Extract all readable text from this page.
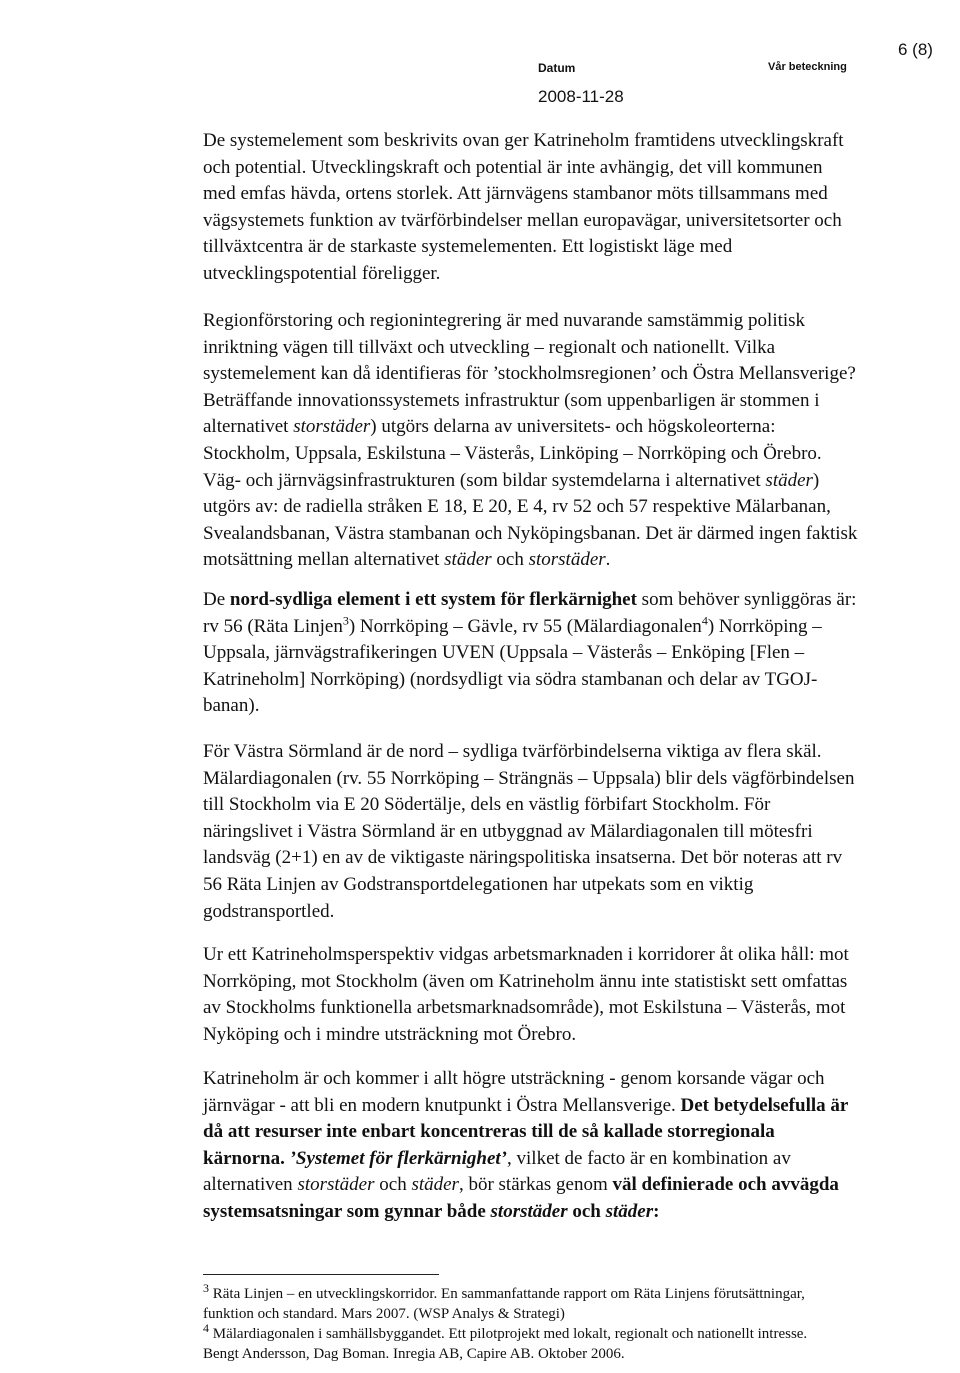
Datum
2008-11-28
Vår beteckning
6 (8)
De systemelement som beskrivits ovan ger Katrineholm framtidens utvecklingskraft
och potential. Utvecklingskraft och potential är inte avhängig, det vill kommunen
med emfas hävda, ortens storlek. Att järnvägens stambanor möts tillsammans med
vägsystemets funktion av tvärförbindelser mellan europavägar, universitetsorter och
tillväxtcentra är de starkaste systemelementen. Ett logistiskt läge med
utvecklingspotential föreligger.
Regionförstoring och regionintegrering är med nuvarande samstämmig politisk
inriktning vägen till tillväxt och utveckling – regionalt och nationellt. Vilka
systemelement kan då identifieras för ’stockholmsregionen’ och Östra Mellansverige?
Beträffande innovationssystemets infrastruktur (som uppenbarligen är stommen i
alternativet storstäder) utgörs delarna av universitets- och högskoleorterna:
Stockholm, Uppsala, Eskilstuna – Västerås, Linköping – Norrköping och Örebro.
Väg- och järnvägsinfrastrukturen (som bildar systemdelarna i alternativet städer)
utgörs av: de radiella stråken E 18, E 20, E 4, rv 52 och 57 respektive Mälarbanan,
Svealandsbanan, Västra stambanan och Nyköpingsbanan. Det är därmed ingen faktisk
motsättning mellan alternativet städer och storstäder.
De nord-sydliga element i ett system för flerkärnighet som behöver synliggöras är:
rv 56 (Räta Linjen$^3$) Norrköping – Gävle, rv 55 (Mälardiagonalen$^4$) Norrköping –
Uppsala, järnvägstrafikeringen UVEN (Uppsala – Västerås – Enköping [Flen –
Katrineholm] Norrköping) (nordsydligt via södra stambanan och delar av TGOJ-
banan).
För Västra Sörmland är de nord – sydliga tvärförbindelserna viktiga av flera skäl.
Mälardiagonalen (rv. 55 Norrköping – Strängnäs – Uppsala) blir dels vägförbindelsen
till Stockholm via E 20 Södertälje, dels en västlig förbifart Stockholm. För
näringslivet i Västra Sörmland är en utbyggnad av Mälardiagonalen till mötesfri
landsväg (2+1) en av de viktigaste näringspolitiska insatserna. Det bör noteras att rv
56 Räta Linjen av Godstransportdelegationen har utpekats som en viktig
godstransportled.
Ur ett Katrineholmsperspektiv vidgas arbetsmarknaden i korridorer åt olika håll: mot
Norrköping, mot Stockholm (även om Katrineholm ännu inte statistiskt sett omfattas
av Stockholms funktionella arbetsmarknadsområde), mot Eskilstuna – Västerås, mot
Nyköping och i mindre utsträckning mot Örebro.
Katrineholm är och kommer i allt högre utsträckning - genom korsande vägar och
järnvägar - att bli en modern knutpunkt i Östra Mellansverige. Det betydelsefulla är
då att resurser inte enbart koncentreras till de så kallade storregionala
kärnorna. ’Systemet för flerkärnighet’, vilket de facto är en kombination av
alternativen storstäder och städer, bör stärkas genom väl definierade och avvägda
systemsatsningar som gynnar både storstäder och städer:
$^3$ Räta Linjen – en utvecklingskorridor. En sammanfattande rapport om Räta Linjens förutsättningar,
funktion och standard. Mars 2007. (WSP Analys & Strategi)
$^4$ Mälardiagonalen i samhällsbyggandet. Ett pilotprojekt med lokalt, regionalt och nationellt intresse.
Bengt Andersson, Dag Boman. Inregia AB, Capire AB. Oktober 2006.
